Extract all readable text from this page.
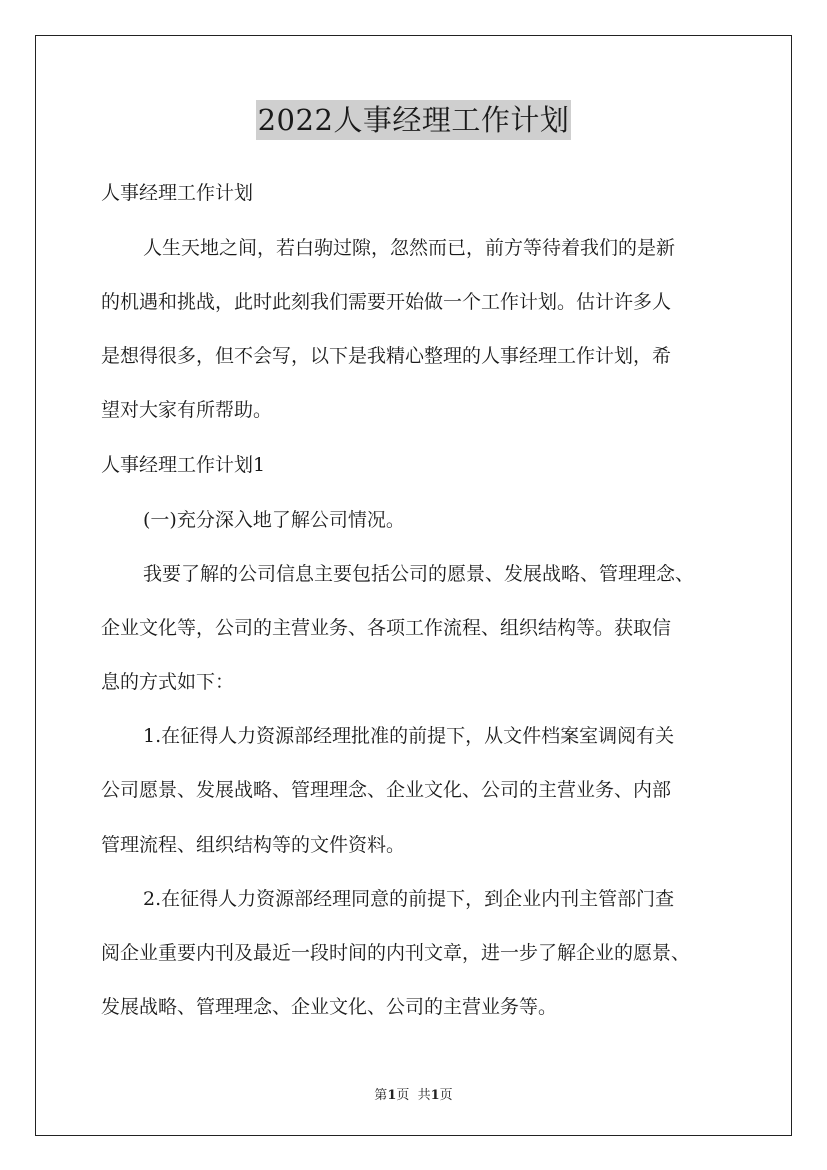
2022人事经理工作计划
人事经理工作计划
人生天地之间，若白驹过隙，忽然而已，前方等待着我们的是新
的机遇和挑战，此时此刻我们需要开始做一个工作计划。估计许多人
是想得很多，但不会写，以下是我精心整理的人事经理工作计划，希
望对大家有所帮助。
人事经理工作计划1
(一)充分深入地了解公司情况。
我要了解的公司信息主要包括公司的愿景、发展战略、管理理念、
企业文化等，公司的主营业务、各项工作流程、组织结构等。获取信
息的方式如下：
1.在征得人力资源部经理批准的前提下，从文件档案室调阅有关
公司愿景、发展战略、管理理念、企业文化、公司的主营业务、内部
管理流程、组织结构等的文件资料。
2.在征得人力资源部经理同意的前提下，到企业内刊主管部门查
阅企业重要内刊及最近一段时间的内刊文章，进一步了解企业的愿景、
发展战略、管理理念、企业文化、公司的主营业务等。
第1页  共1页
